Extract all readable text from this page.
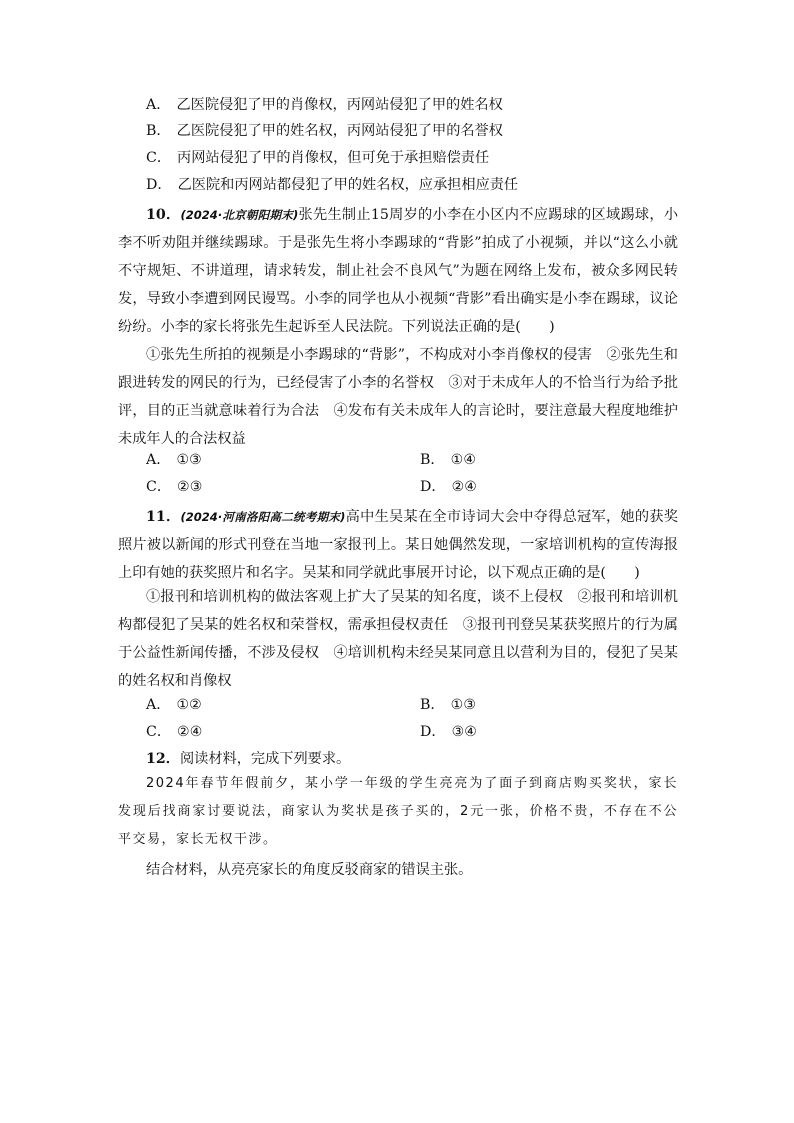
A． 乙医院侵犯了甲的肖像权，丙网站侵犯了甲的姓名权
B． 乙医院侵犯了甲的姓名权，丙网站侵犯了甲的名誉权
C． 丙网站侵犯了甲的肖像权，但可免于承担赔偿责任
D． 乙医院和丙网站都侵犯了甲的姓名权，应承担相应责任
10．(2024·北京朝阳期末)张先生制止15周岁的小李在小区内不应踢球的区域踢球，小李不听劝阻并继续踢球。于是张先生将小李踢球的“背影”拍成了小视频，并以“这么小就不守规矩、不讲道理，请求转发，制止社会不良风气”为题在网络上发布，被众多网民转发，导致小李遭到网民谩骂。小李的同学也从小视频“背影”看出确实是小李在踢球，议论纷纷。小李的家长将张先生起诉至人民法院。下列说法正确的是(　　)
①张先生所拍的视频是小李踢球的“背影”，不构成对小李肖像权的侵害　②张先生和跟进转发的网民的行为，已经侵害了小李的名誉权　③对于未成年人的不恰当行为给予批评，目的正当就意味着行为合法　④发布有关未成年人的言论时，要注意最大程度地维护未成年人的合法权益
A． ①③	B． ①④
C． ②③	D． ②④
11．(2024·河南洛阳高二统考期末)高中生吴某在全市诗词大会中夺得总冠军，她的获奖照片被以新闻的形式刊登在当地一家报刊上。某日她偶然发现，一家培训机构的宣传海报上印有她的获奖照片和名字。吴某和同学就此事展开讨论，以下观点正确的是(　　)
①报刊和培训机构的做法客观上扩大了吴某的知名度，谈不上侵权　②报刊和培训机构都侵犯了吴某的姓名权和荣誉权，需承担侵权责任　③报刊刊登吴某获奖照片的行为属于公益性新闻传播，不涉及侵权　④培训机构未经吴某同意且以营利为目的，侵犯了吴某的姓名权和肖像权
A． ①②	B． ①③
C． ②④	D． ③④
12．阅读材料，完成下列要求。
2024年春节年假前夕，某小学一年级的学生亮亮为了面子到商店购买奖状，家长发现后找商家讨要说法，商家认为奖状是孩子买的，2元一张，价格不贵，不存在不公平交易，家长无权干涉。
结合材料，从亮亮家长的角度反驳商家的错误主张。
